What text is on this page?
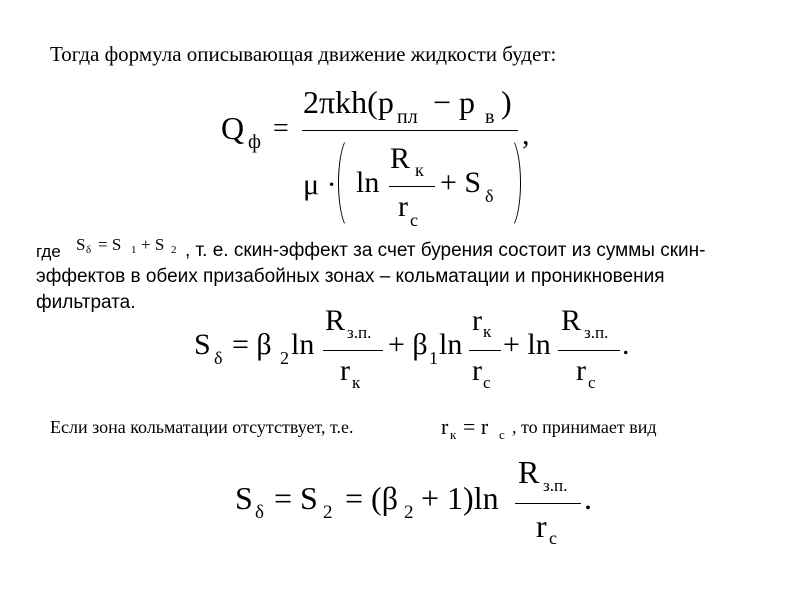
Тогда формула описывающая движение жидкости будет:
Q ф =
2πkh(p пл − p в )
,
μ · ln
R к
r c
+ S δ
где S δ = S 1 + S 2 , т. е. скин-эффект за счет бурения состоит из суммы скин-
эффектов в обеих призабойных зонах – кольматации и проникновения
фильтрата.
S δ = β 2 ln
R з.п.
r к
+ β 1 ln
r к
r c
+ ln
R з.п.
r c
.
Если зона кольматации отсутствует, т.е.	r к = r c , то принимает вид
S δ = S 2 = (β 2 + 1)ln
R з.п.
r c
.
